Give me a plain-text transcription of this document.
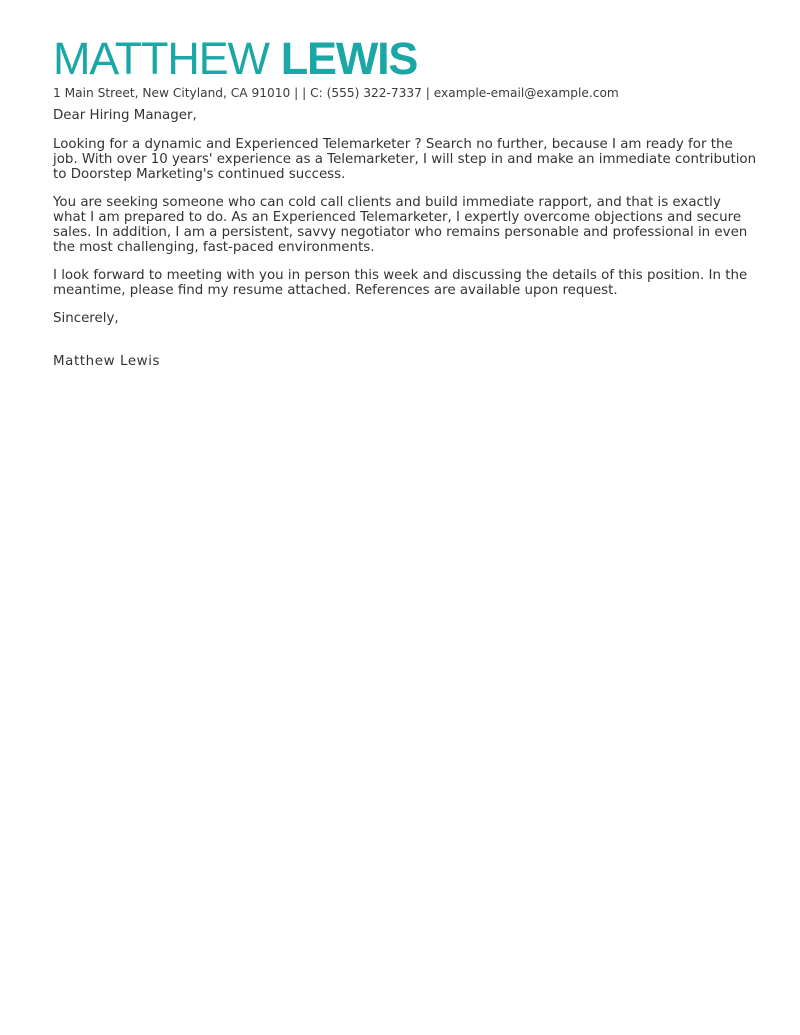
MATTHEW LEWIS
1 Main Street, New Cityland, CA 91010 | | C: (555) 322-7337 | example-email@example.com

Dear Hiring Manager,

Looking for a dynamic and Experienced Telemarketer ? Search no further, because I am ready for the job. With over 10 years' experience as a Telemarketer, I will step in and make an immediate contribution to Doorstep Marketing's continued success.

You are seeking someone who can cold call clients and build immediate rapport, and that is exactly what I am prepared to do. As an Experienced Telemarketer, I expertly overcome objections and secure sales. In addition, I am a persistent, savvy negotiator who remains personable and professional in even the most challenging, fast-paced environments.

I look forward to meeting with you in person this week and discussing the details of this position. In the meantime, please find my resume attached. References are available upon request.

Sincerely,

Matthew Lewis
